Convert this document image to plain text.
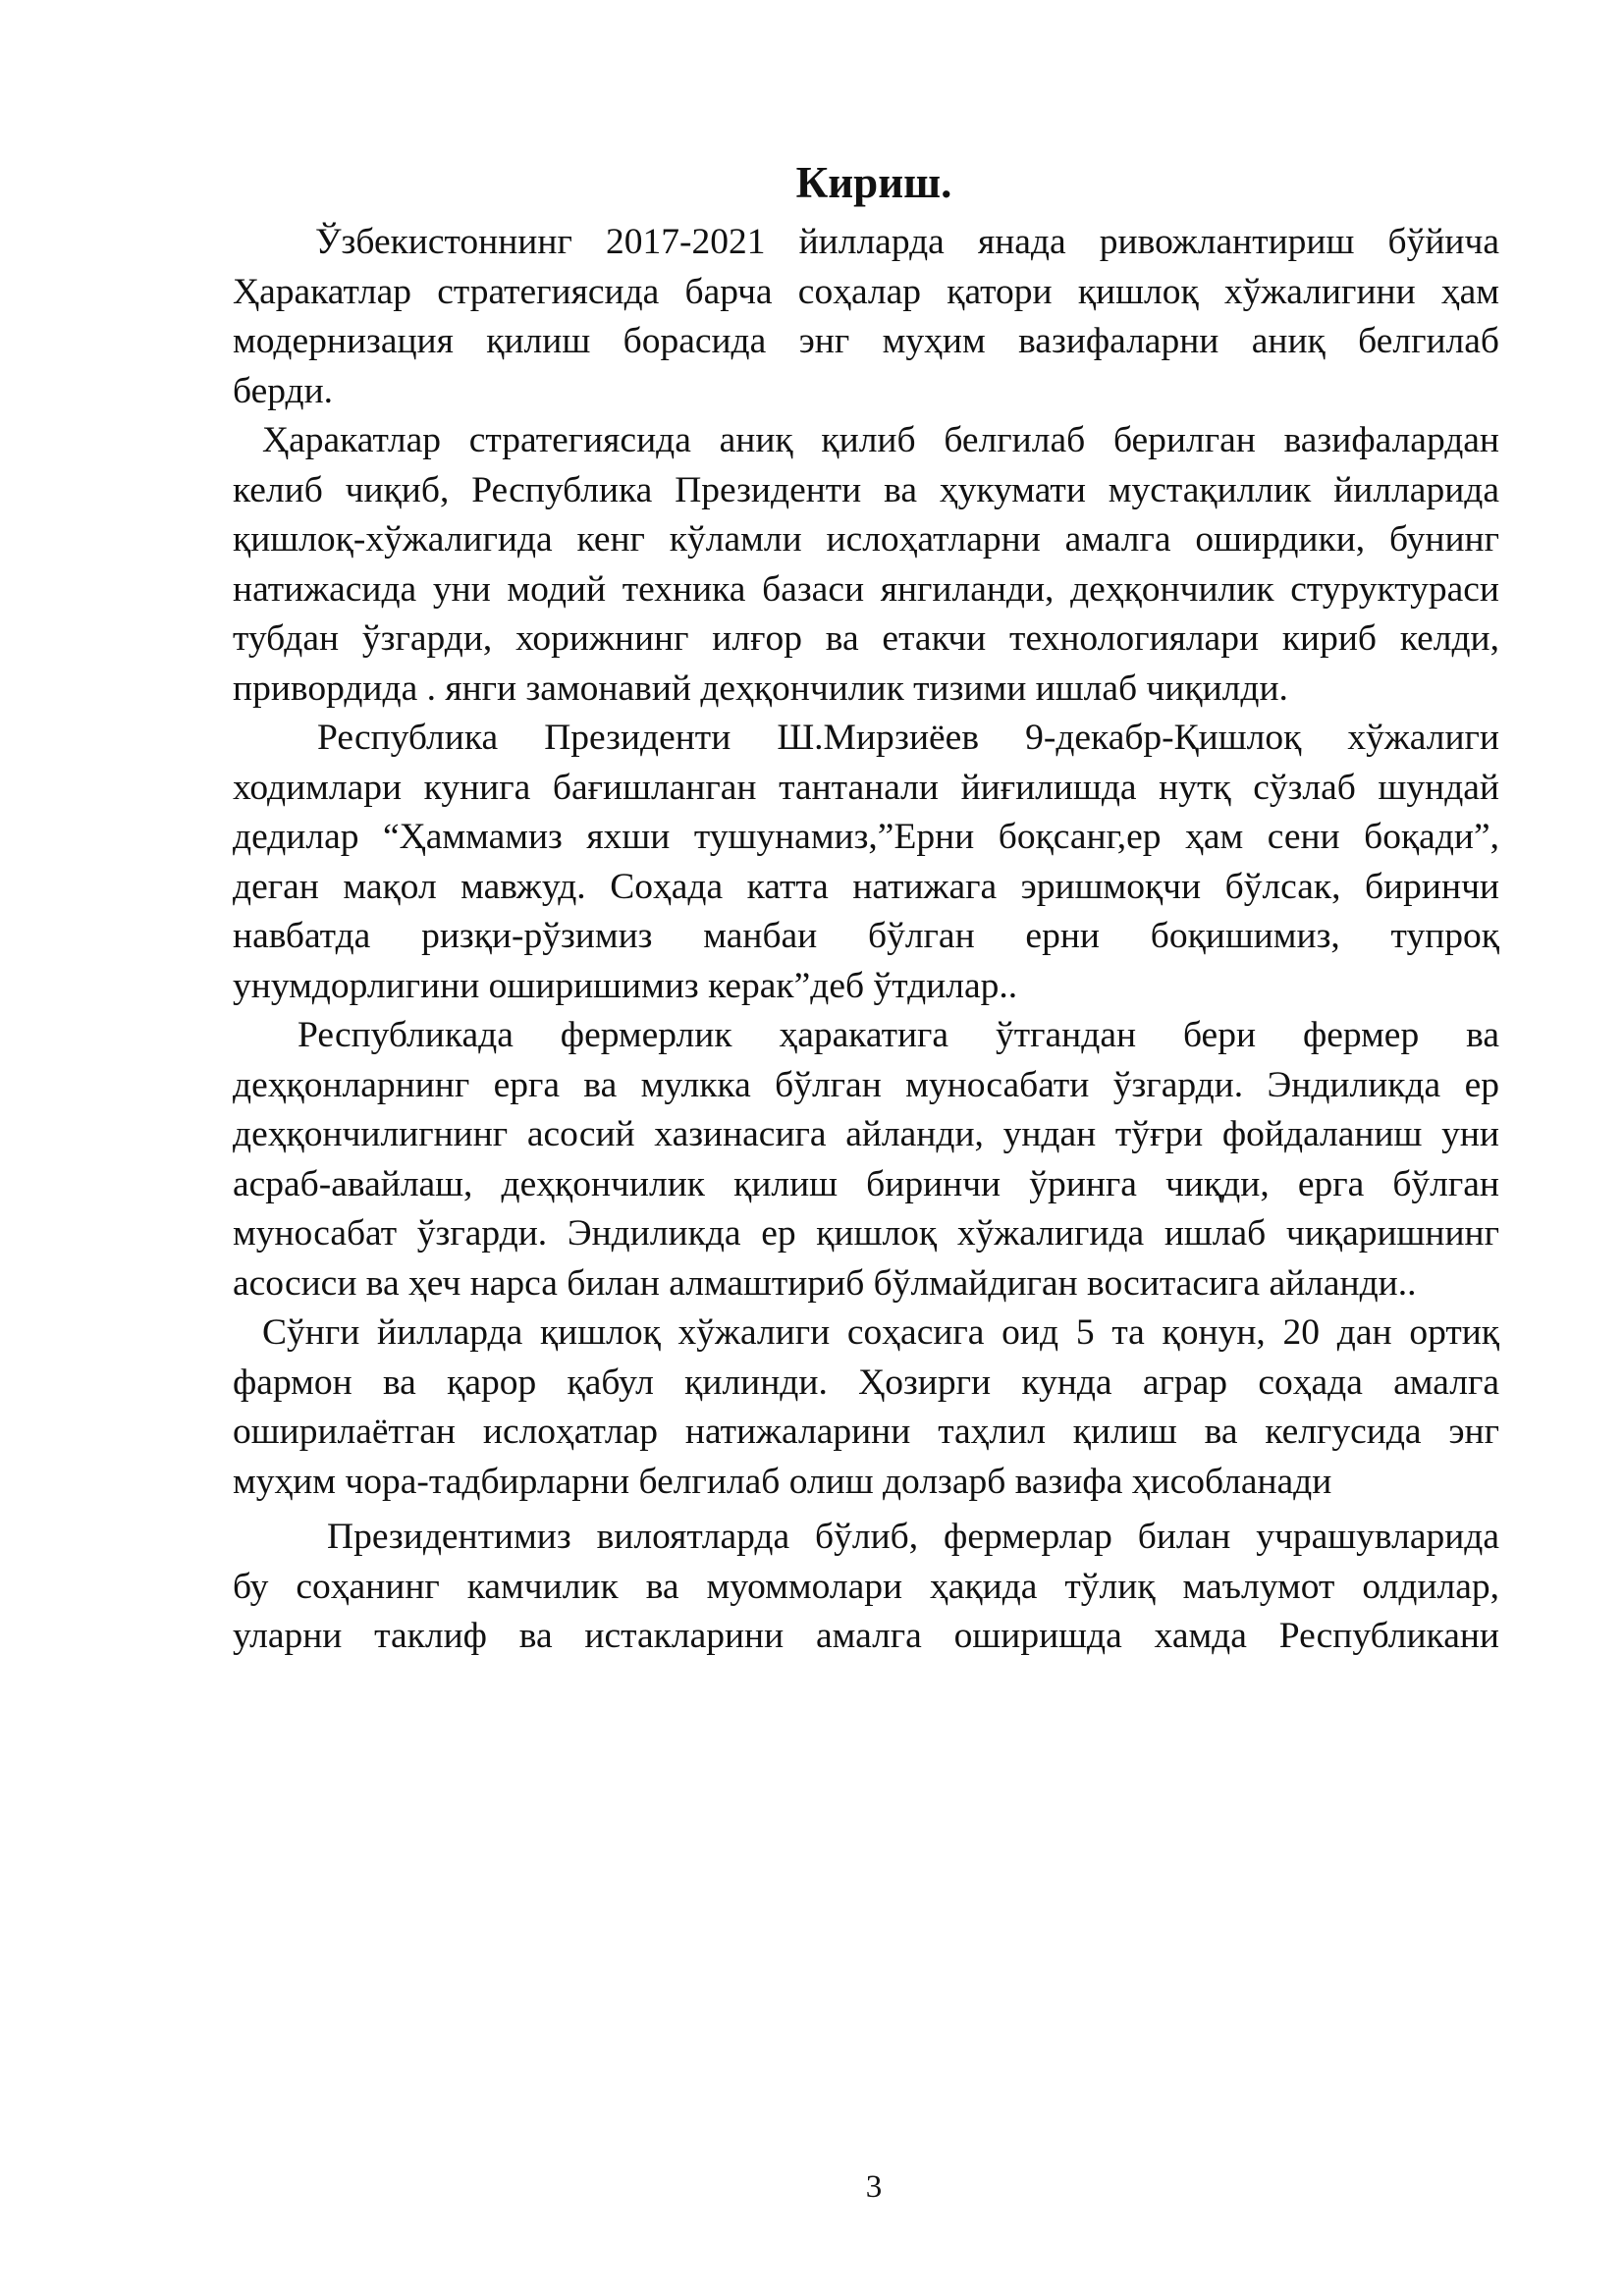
Кириш.
Ўзбекистоннинг 2017-2021 йилларда янада ривожлантириш бўйича
Ҳаракатлар стратегиясида барча соҳалар қатори қишлоқ хўжалигини ҳам
модернизация қилиш борасида энг муҳим вазифаларни аниқ белгилаб
берди.
Ҳаракатлар стратегиясида аниқ қилиб белгилаб берилган вазифалардан
келиб чиқиб, Республика Президенти ва ҳукумати мустақиллик йилларида
қишлоқ-хўжалигида кенг кўламли ислоҳатларни амалга оширдики, бунинг
натижасида уни модий техника базаси янгиланди, деҳқончилик стуруктураси
тубдан ўзгарди, хорижнинг илғор ва етакчи технологиялари кириб келди,
привордида . янги замонавий деҳқончилик тизими ишлаб чиқилди.
Республика Президенти Ш.Мирзиёев 9-декабр-Қишлоқ хўжалиги
ходимлари кунига бағишланган тантанали йиғилишда нутқ сўзлаб шундай
дедилар “Ҳаммамиз яхши тушунамиз,”Ерни боқсанг,ер ҳам сени боқади”,
деган мақол мавжуд. Соҳада катта натижага эришмоқчи бўлсак, биринчи
навбатда ризқи-рўзимиз манбаи бўлган ерни боқишимиз, тупроқ
унумдорлигини оширишимиз керак”деб ўтдилар..
Республикада фермерлик ҳаракатига ўтгандан бери фермер ва
деҳқонларнинг ерга ва мулкка бўлган муносабати ўзгарди. Эндиликда ер
деҳқончилигнинг асосий хазинасига айланди, ундан тўғри фойдаланиш уни
асраб-авайлаш, деҳқончилик қилиш биринчи ўринга чиқди, ерга бўлган
муносабат ўзгарди. Эндиликда ер қишлоқ хўжалигида ишлаб чиқаришнинг
асосиси ва ҳеч нарса билан алмаштириб бўлмайдиган воситасига айланди..
Сўнги йилларда қишлоқ хўжалиги соҳасига оид 5 та қонун, 20 дан ортиқ
фармон ва қарор қабул қилинди. Ҳозирги кунда аграр соҳада амалга
оширилаётган ислоҳатлар натижаларини таҳлил қилиш ва келгусида энг
муҳим чора-тадбирларни белгилаб олиш долзарб вазифа ҳисобланади
Президентимиз вилоятларда бўлиб, фермерлар билан учрашувларида
бу соҳанинг камчилик ва муоммолари ҳақида тўлиқ маълумот олдилар,
уларни таклиф ва истакларини амалга оширишда хамда Республикани
3
